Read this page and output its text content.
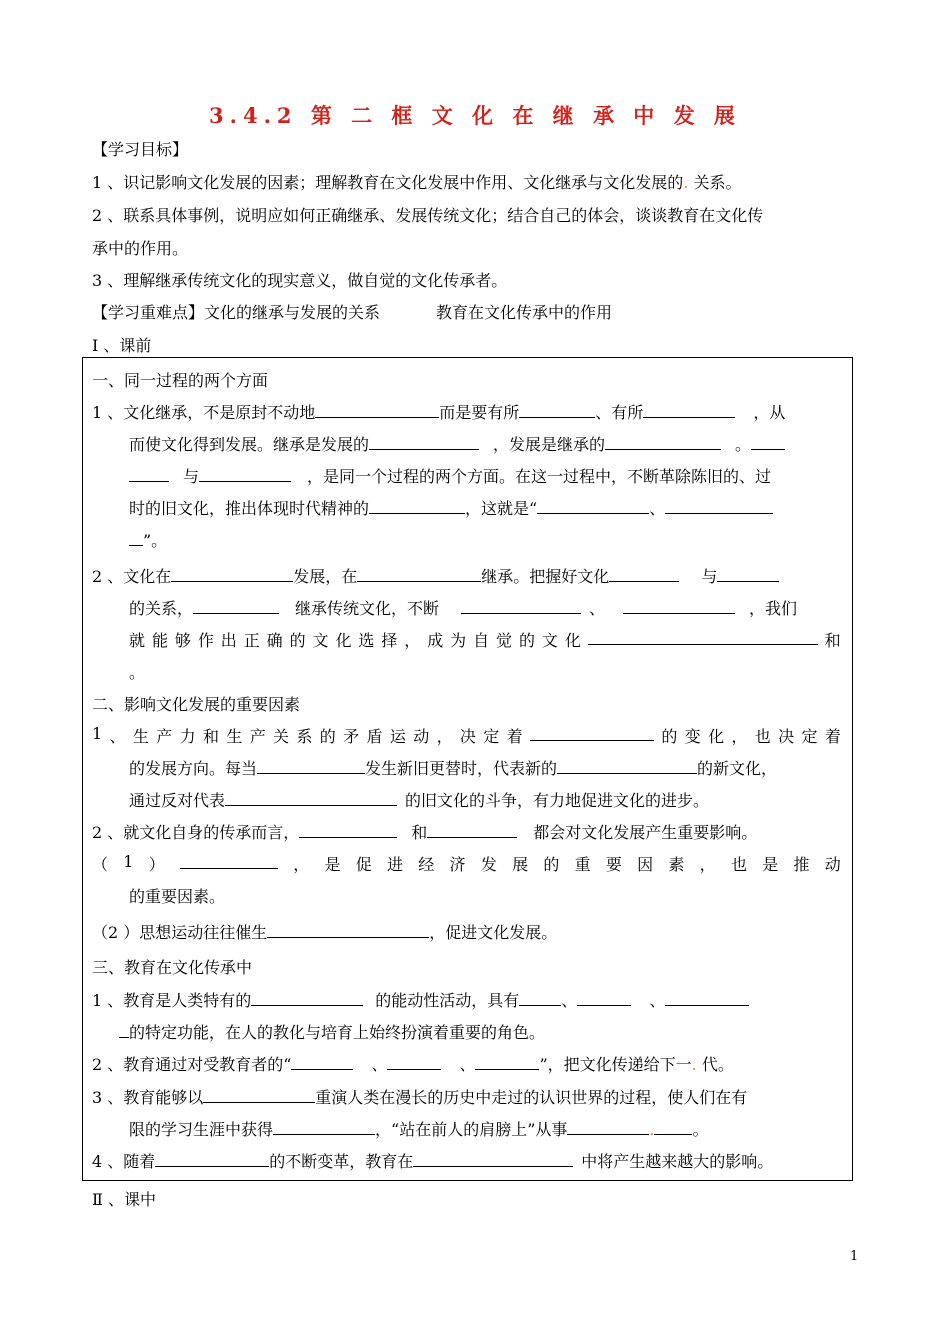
3.4.2 第 二 框 文 化 在 继 承 中 发 展
【学习目标】
1 、识记影响文化发展的因素；理解教育在文化发展中作用、文化继承与文化发展的. 关系。
2 、联系具体事例，说明应如何正确继承、发展传统文化；结合自己的体会，谈谈教育在文化传
承中的作用。
3 、理解继承传统文化的现实意义，做自觉的文化传承者。
【学习重难点】文化的继承与发展的关系	教育在文化传承中的作用
Ⅰ 、课前
一、同一过程的两个方面
1 、文化继承，不是原封不动地	而是要有所	、有所	，从
而使文化得到发展。继承是发展的	，发展是继承的	。
与	，是同一个过程的两个方面。在这一过程中，不断革除陈旧的、过
时的旧文化，推出体现时代精神的	，这就是“	、
”。
2 、文化在	发展，在	继承。把握好文化	与
的关系，	继承传统文化，不断	、	，我们
就 能 够 作 出 正 确 的 文 化 选 择 ， 成 为 自 觉 的 文 化	和
。
二、影响文化发展的重要因素
1 、 生 产 力 和 生 产 关 系 的 矛 盾 运 动 ， 决 定 着	的 变 化 ， 也 决 定 着
的发展方向。每当	发生新旧更替时，代表新的	的新文化，
通过反对代表	的旧文化的斗争，有力地促进文化的进步。
2 、就文化自身的传承而言，	和	都会对文化发展产生重要影响。
（ 1 ）	， 是 促 进 经 济 发 展 的 重 要 因 素 ， 也 是 推 动
的重要因素。
（2 ）思想运动往往催生	，促进文化发展。
三、教育在文化传承中
1 、教育是人类特有的	的能动性活动，具有	、	、
的特定功能，在人的教化与培育上始终扮演着重要的角色。
2 、教育通过对受教育者的“	、	、	”，把文化传递给下一. 代。
3 、教育能够以	重演人类在漫长的历史中走过的认识世界的过程，使人们在有
限的学习生涯中获得	，“站在前人的肩膀上”从事	. 。
4 、随着	的不断变革，教育在	中将产生越来越大的影响。
Ⅱ 、课中
1
